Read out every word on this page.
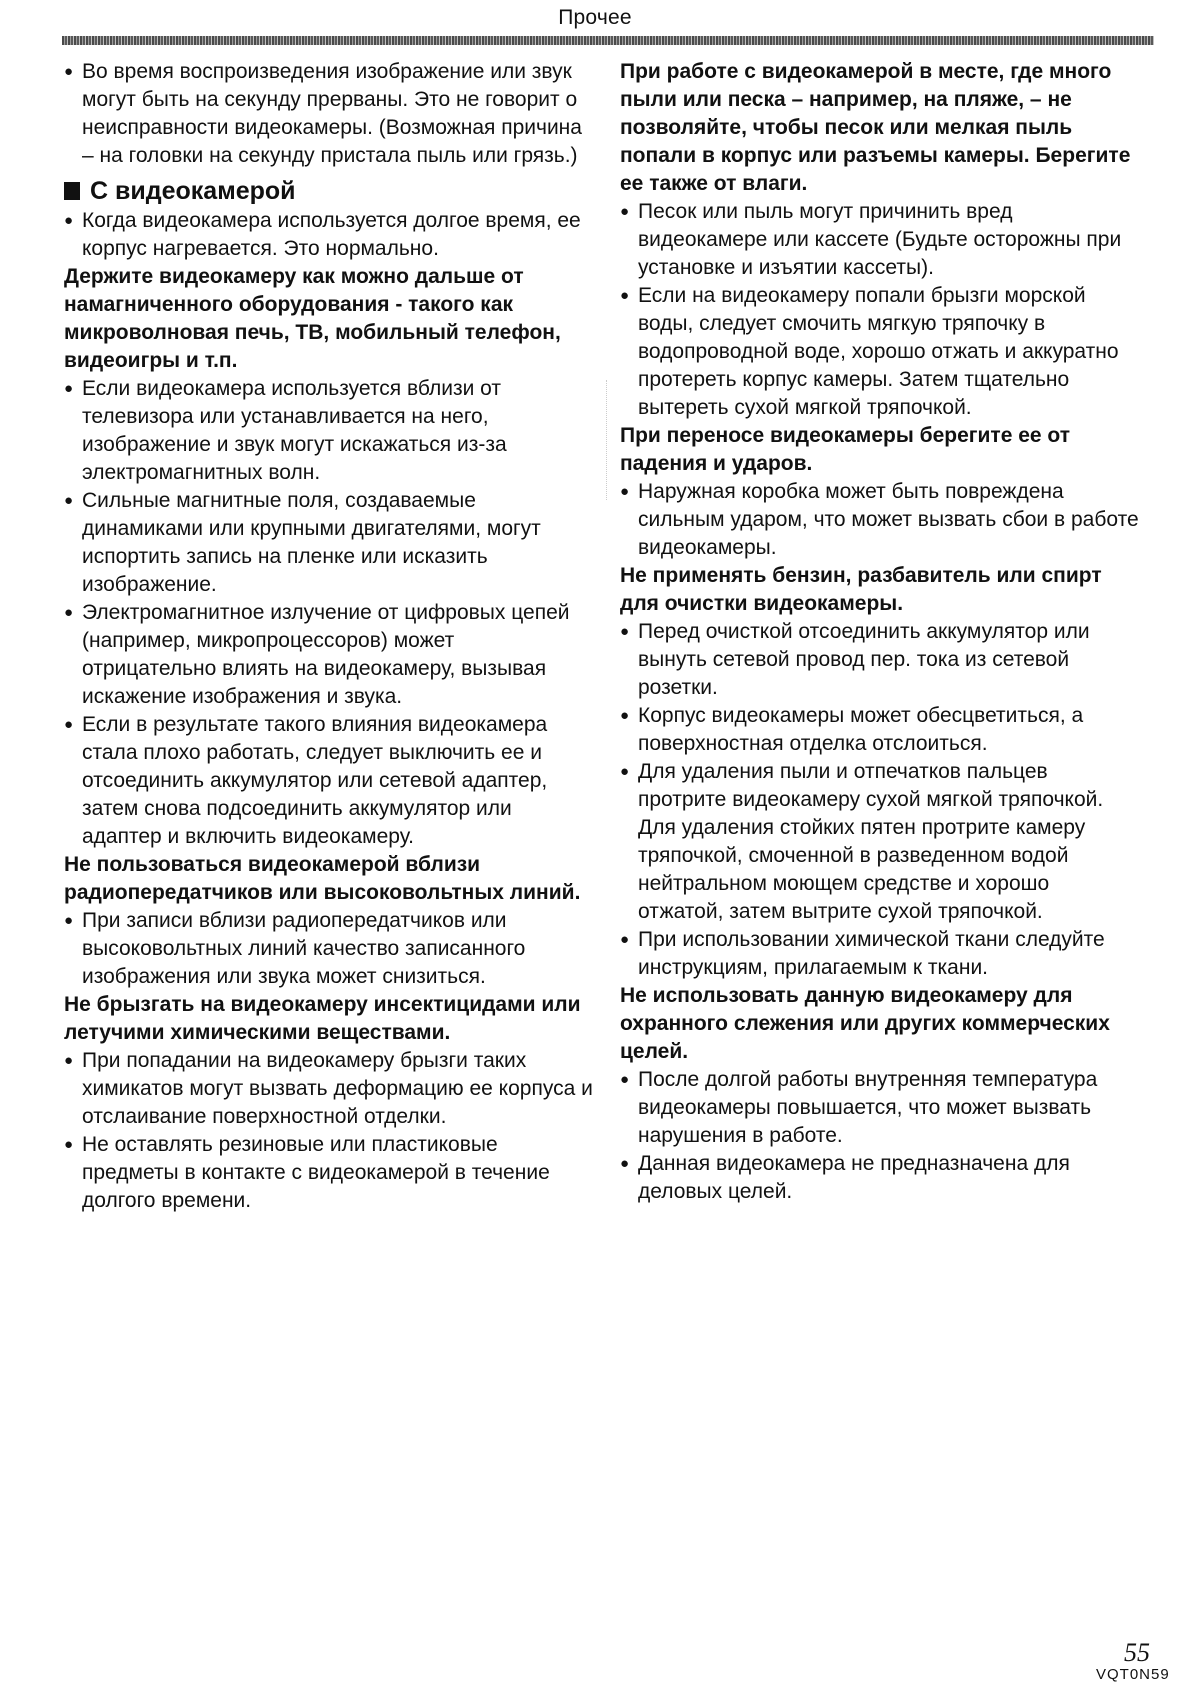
Прочее

● Во время воспроизведения изображение или звук могут быть на секунду прерваны. Это не говорит о неисправности видеокамеры. (Возможная причина – на головки на секунду пристала пыль или грязь.)

С видеокамерой

● Когда видеокамера используется долгое время, ее корпус нагревается. Это нормально.

Держите видеокамеру как можно дальше от намагниченного оборудования - такого как микроволновая печь, ТВ, мобильный телефон, видеоигры и т.п.

● Если видеокамера используется вблизи от телевизора или устанавливается на него, изображение и звук могут искажаться из-за электромагнитных волн.

● Сильные магнитные поля, создаваемые динамиками или крупными двигателями, могут испортить запись на пленке или исказить изображение.

● Электромагнитное излучение от цифровых цепей (например, микропроцессоров) может отрицательно влиять на видеокамеру, вызывая искажение изображения и звука.

● Если в результате такого влияния видеокамера стала плохо работать, следует выключить ее и отсоединить аккумулятор или сетевой адаптер, затем снова подсоединить аккумулятор или адаптер и включить видеокамеру.

Не пользоваться видеокамерой вблизи радиопередатчиков или высоковольтных линий.

● При записи вблизи радиопередатчиков или высоковольтных линий качество записанного изображения или звука может снизиться.

Не брызгать на видеокамеру инсектицидами или летучими химическими веществами.

● При попадании на видеокамеру брызги таких химикатов могут вызвать деформацию ее корпуса и отслаивание поверхностной отделки.

● Не оставлять резиновые или пластиковые предметы в контакте с видеокамерой в течение долгого времени.

При работе с видеокамерой в месте, где много пыли или песка – например, на пляже, – не позволяйте, чтобы песок или мелкая пыль попали в корпус или разъемы камеры. Берегите ее также от влаги.

● Песок или пыль могут причинить вред видеокамере или кассете (Будьте осторожны при установке и изъятии кассеты).

● Если на видеокамеру попали брызги морской воды, следует смочить мягкую тряпочку в водопроводной воде, хорошо отжать и аккуратно протереть корпус камеры. Затем тщательно вытереть сухой мягкой тряпочкой.

При переносе видеокамеры берегите ее от падения и ударов.

● Наружная коробка может быть повреждена сильным ударом, что может вызвать сбои в работе видеокамеры.

Не применять бензин, разбавитель или спирт для очистки видеокамеры.

● Перед очисткой отсоединить аккумулятор или вынуть сетевой провод пер. тока из сетевой розетки.

● Корпус видеокамеры может обесцветиться, а поверхностная отделка отслоиться.

● Для удаления пыли и отпечатков пальцев протрите видеокамеру сухой мягкой тряпочкой. Для удаления стойких пятен протрите камеру тряпочкой, смоченной в разведенном водой нейтральном моющем средстве и хорошо отжатой, затем вытрите сухой тряпочкой.

● При использовании химической ткани следуйте инструкциям, прилагаемым к ткани.

Не использовать данную видеокамеру для охранного слежения или других коммерческих целей.

● После долгой работы внутренняя температура видеокамеры повышается, что может вызвать нарушения в работе.

● Данная видеокамера не предназначена для деловых целей.

55
VQT0N59
